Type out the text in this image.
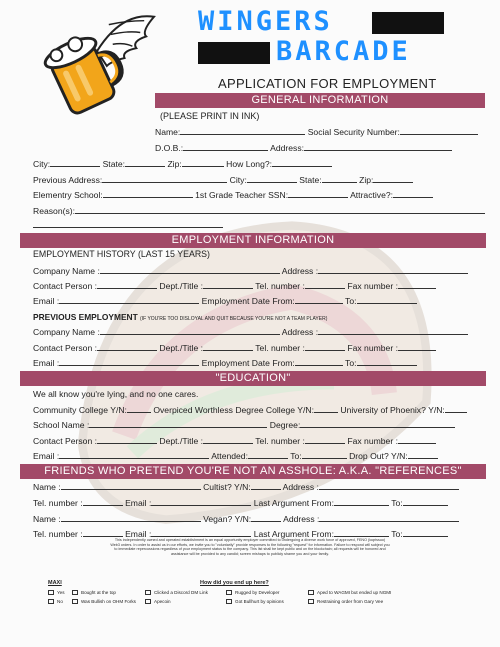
WINGERS
BARCADE
APPLICATION FOR EMPLOYMENT
GENERAL INFORMATION
(PLEASE PRINT IN INK)
Name:	Social Security Number:
D.O.B.:	Address:
City:	State:	Zip:	How Long?:
Previous Address:	City:	State:	Zip:
Elementry School:	1st Grade Teacher SSN:	Attractive?:
Reason(s):
EMPLOYMENT INFORMATION
EMPLOYMENT HISTORY (LAST 15 YEARS)
Company Name :	Address :
Contact Person :	Dept./Title :	Tel. number :	Fax number :
Email :	Employment Date From:	To:
PREVIOUS EMPLOYMENT (IF YOU'RE TOO DISLOYAL AND QUIT BECAUSE YOU'RE NOT A TEAM PLAYER)
Company Name :	Address :
Contact Person :	Dept./Title :	Tel. number :	Fax number :
Email :	Employment Date From:	To:
"EDUCATION"
We all know you're lying, and no one cares.
Community College Y/N:	Overpiced Worthless Degree College Y/N:	University of Phoenix? Y/N:
School Name :	Degree:
Contact Person :	Dept./Title :	Tel. number :	Fax number :
Email :	Attended:	To:	Drop Out? Y/N:
FRIENDS WHO PRETEND YOU'RE NOT AN ASSHOLE: A.K.A. "REFERENCES"
Name :	Cultist? Y/N:	Address :
Tel. number :	Email :	Last Argument From:	To:
Name :	Vegan? Y/N:	Address :
Tel. number :	Email :	Last Argument From:	To:
This independently owned and operated establishment is an equal opportunity employer committed to undergoing a diverse work force of approved, FENO (loqrissuo) Web3 orders. In order to assist us in our efforts, we invite you to "voluntarily" provide responses to the following "request" for information. Failure to respond will subject you to immediate repercussions regardless of your employment status to the company. This list shall be kept public and on the blockchain; all requests will be honored and assistance will be provided to any candid; screen mishaps to publicly shame you and your family.
MAXI	How did you end up here?
Yes
No
Bought at the top
Was Bullish on OHM Forks
Clicked a Discord DM Link
Apecoin
Rugged by Developer
Got Bullhurt by opinions
Aped to WAGMI but ended up NGMI
Restraining order from Gary Vee
